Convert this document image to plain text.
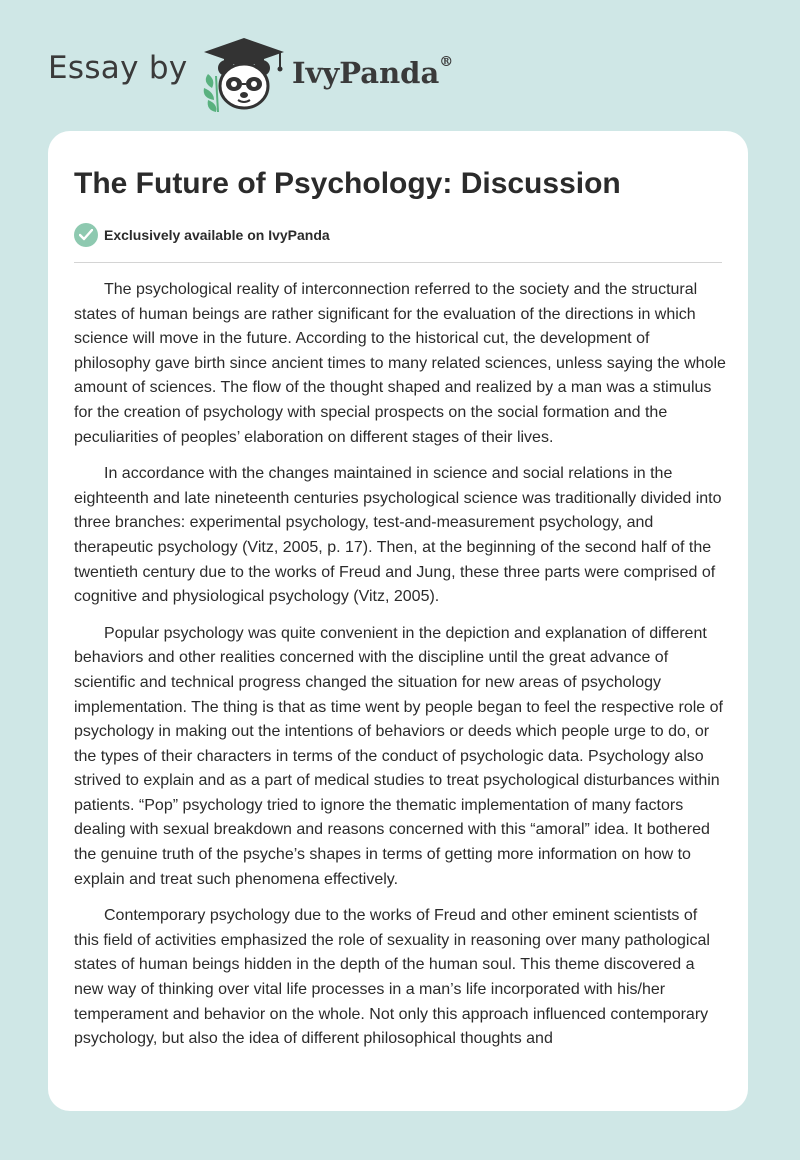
Essay by	IvyPanda®
The Future of Psychology: Discussion
Exclusively available on IvyPanda

The psychological reality of interconnection referred to the society and the structural states of human beings are rather significant for the evaluation of the directions in which science will move in the future. According to the historical cut, the development of philosophy gave birth since ancient times to many related sciences, unless saying the whole amount of sciences. The flow of the thought shaped and realized by a man was a stimulus for the creation of psychology with special prospects on the social formation and the peculiarities of peoples’ elaboration on different stages of their lives.

In accordance with the changes maintained in science and social relations in the eighteenth and late nineteenth centuries psychological science was traditionally divided into three branches: experimental psychology, test-and-measurement psychology, and therapeutic psychology (Vitz, 2005, p. 17). Then, at the beginning of the second half of the twentieth century due to the works of Freud and Jung, these three parts were comprised of cognitive and physiological psychology (Vitz, 2005).

Popular psychology was quite convenient in the depiction and explanation of different behaviors and other realities concerned with the discipline until the great advance of scientific and technical progress changed the situation for new areas of psychology implementation. The thing is that as time went by people began to feel the respective role of psychology in making out the intentions of behaviors or deeds which people urge to do, or the types of their characters in terms of the conduct of psychologic data. Psychology also strived to explain and as a part of medical studies to treat psychological disturbances within patients. “Pop” psychology tried to ignore the thematic implementation of many factors dealing with sexual breakdown and reasons concerned with this “amoral” idea. It bothered the genuine truth of the psyche’s shapes in terms of getting more information on how to explain and treat such phenomena effectively.

Contemporary psychology due to the works of Freud and other eminent scientists of this field of activities emphasized the role of sexuality in reasoning over many pathological states of human beings hidden in the depth of the human soul. This theme discovered a new way of thinking over vital life processes in a man’s life incorporated with his/her temperament and behavior on the whole. Not only this approach influenced contemporary psychology, but also the idea of different philosophical thoughts and
